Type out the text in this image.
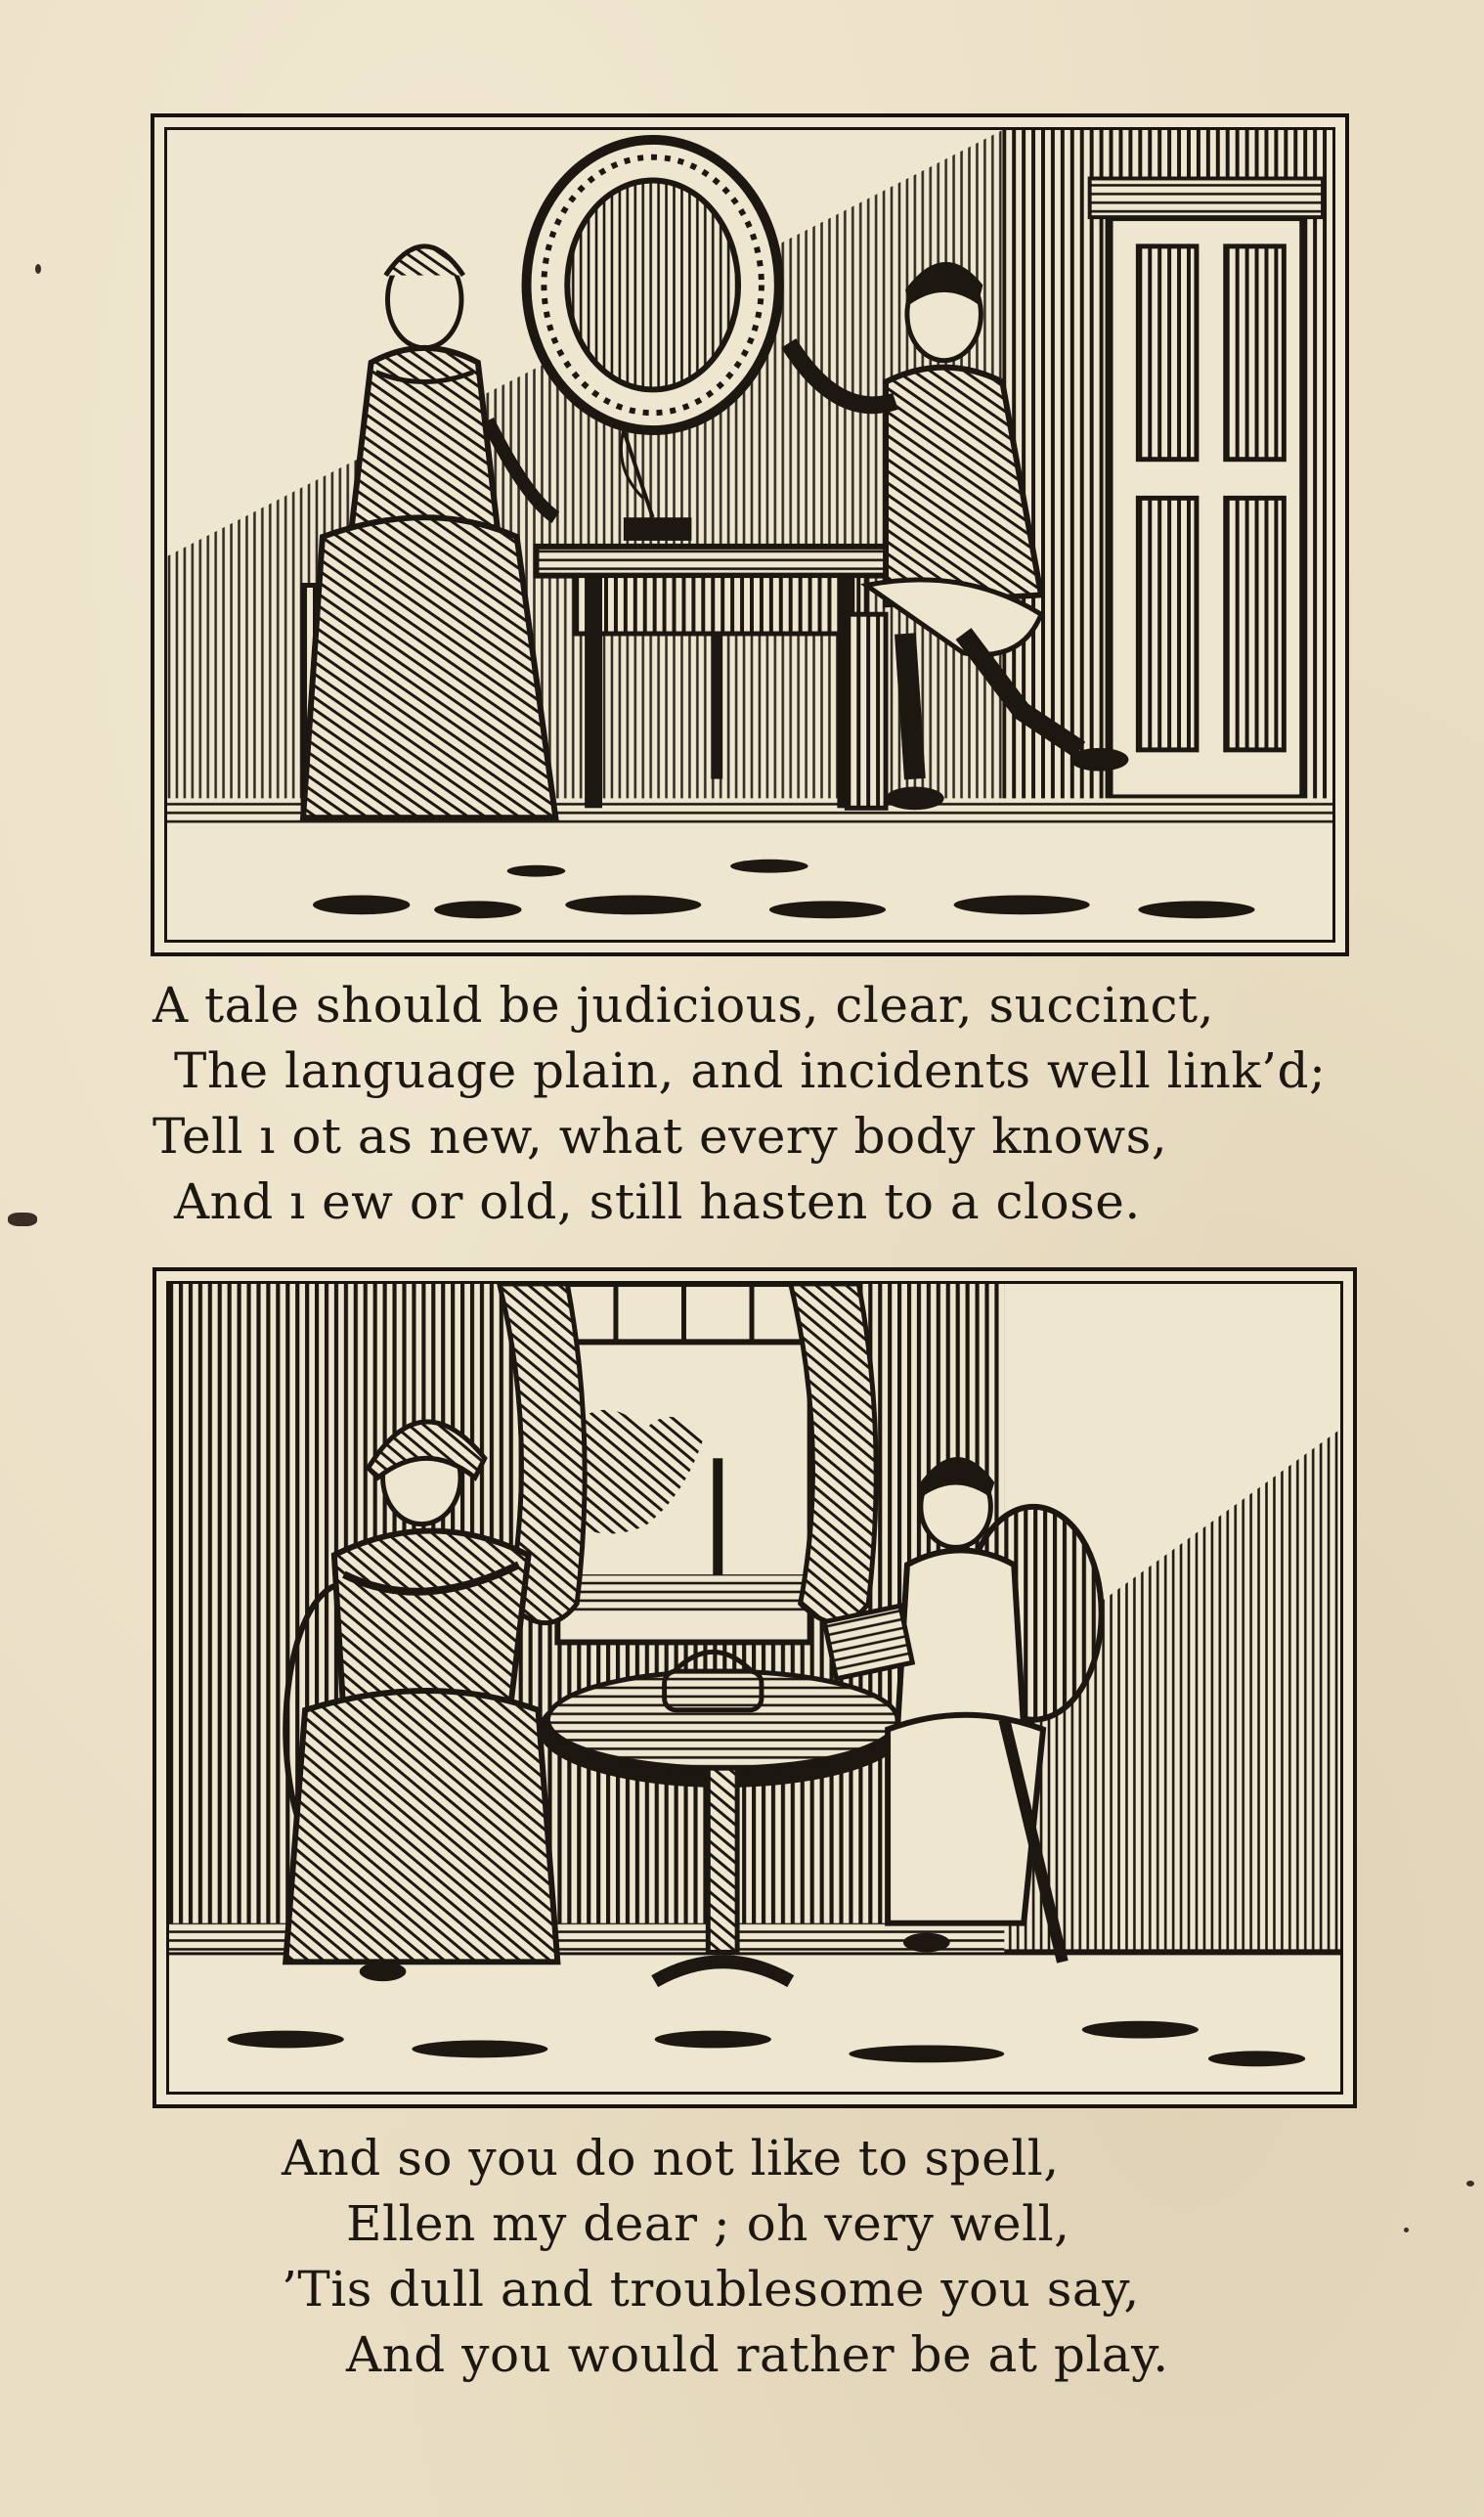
A tale should be judicious, clear, succinct,
The language plain, and incidents well link’d;
Tell ı ot as new, what every body knows,
And ı ew or old, still hasten to a close.
And so you do not like to spell,
Ellen my dear ; oh very well,
’Tis dull and troublesome you say,
And you would rather be at play.
